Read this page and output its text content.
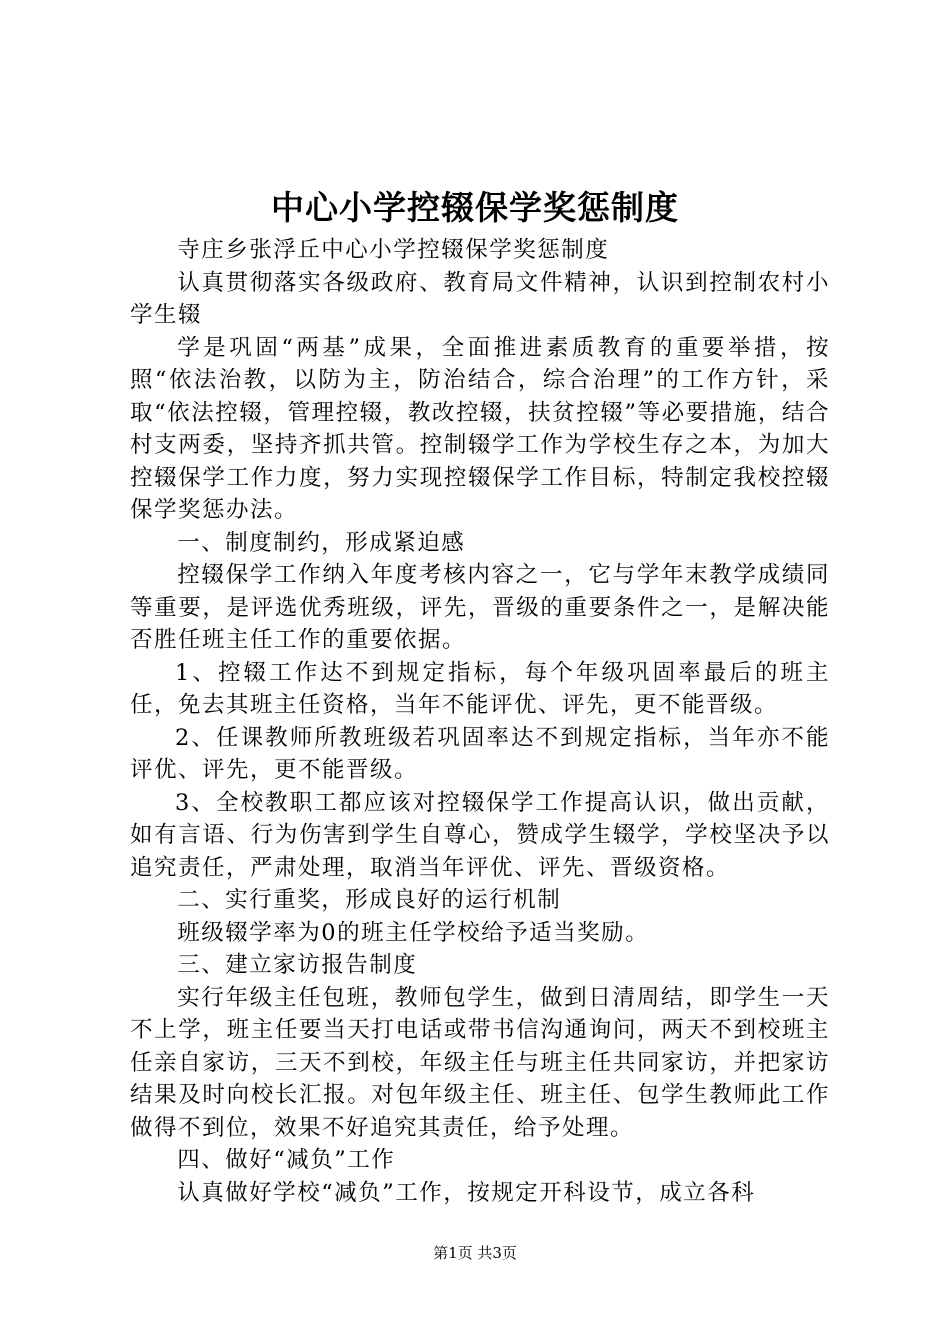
中心小学控辍保学奖惩制度

寺庄乡张浮丘中心小学控辍保学奖惩制度

认真贯彻落实各级政府、教育局文件精神，认识到控制农村小学生辍

学是巩固“两基”成果，全面推进素质教育的重要举措，按照“依法治教，以防为主，防治结合，综合治理”的工作方针，采取“依法控辍，管理控辍，教改控辍，扶贫控辍”等必要措施，结合村支两委，坚持齐抓共管。控制辍学工作为学校生存之本，为加大控辍保学工作力度，努力实现控辍保学工作目标，特制定我校控辍保学奖惩办法。

一、制度制约，形成紧迫感

控辍保学工作纳入年度考核内容之一，它与学年末教学成绩同等重要，是评选优秀班级，评先，晋级的重要条件之一，是解决能否胜任班主任工作的重要依据。

1、控辍工作达不到规定指标，每个年级巩固率最后的班主任，免去其班主任资格，当年不能评优、评先，更不能晋级。

2、任课教师所教班级若巩固率达不到规定指标，当年亦不能评优、评先，更不能晋级。

3、全校教职工都应该对控辍保学工作提高认识，做出贡献，如有言语、行为伤害到学生自尊心，赞成学生辍学，学校坚决予以追究责任，严肃处理，取消当年评优、评先、晋级资格。

二、实行重奖，形成良好的运行机制

班级辍学率为0的班主任学校给予适当奖励。

三、建立家访报告制度

实行年级主任包班，教师包学生，做到日清周结，即学生一天不上学，班主任要当天打电话或带书信沟通询问，两天不到校班主任亲自家访，三天不到校，年级主任与班主任共同家访，并把家访结果及时向校长汇报。对包年级主任、班主任、包学生教师此工作做得不到位，效果不好追究其责任，给予处理。

四、做好“减负”工作

认真做好学校“减负”工作，按规定开科设节，成立各科

第1页 共3页
